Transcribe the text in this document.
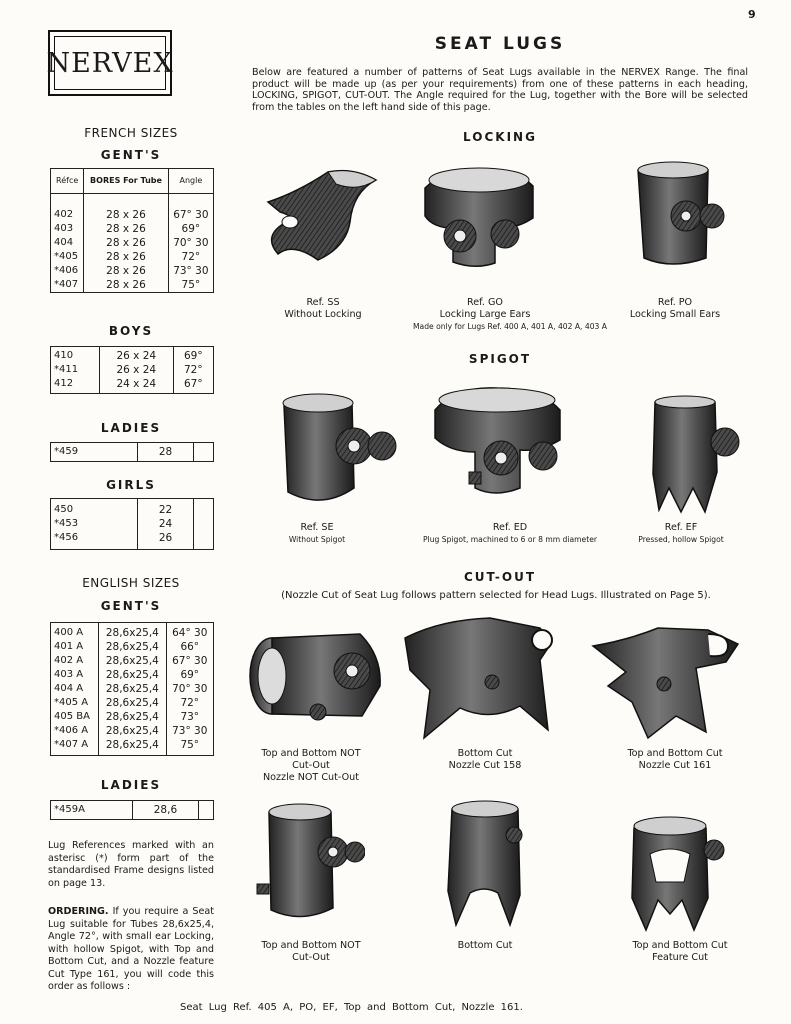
9
NERVEX
SEAT LUGS
Below are featured a number of patterns of Seat Lugs available in the NERVEX Range. The final product will be made up (as per your requirements) from one of these patterns in each heading, LOCKING, SPIGOT, CUT-OUT. The Angle required for the Lug, together with the Bore will be selected from the tables on the left hand side of this page.
FRENCH SIZES
GENT'S
Réfce	BORES For Tube	Angle

402	28 x 26	67° 30
403	28 x 26	69°
404	28 x 26	70° 30
*405	28 x 26	72°
*406	28 x 26	73° 30
*407	28 x 26	75°
BOYS

410	26 x 24	69°
*411	26 x 24	72°
412	24 x 24	67°

LADIES
*459	28	
GIRLS

450	22	
*453	24	
*456	26	

ENGLISH SIZES
GENT'S

400 A	28,6x25,4	64° 30
401 A	28,6x25,4	66°
402 A	28,6x25,4	67° 30
403 A	28,6x25,4	69°
404 A	28,6x25,4	70° 30
*405 A	28,6x25,4	72°
405 BA	28,6x25,4	73°
*406 A	28,6x25,4	73° 30
*407 A	28,6x25,4	75°

LADIES
*459A	28,6	
Lug References marked with an asterisc (*) form part of the standardised Frame designs listed on page 13.
ORDERING. If you require a Seat Lug suitable for Tubes 28,6x25,4, Angle 72°, with small ear Locking, with hollow Spigot, with Top and Bottom Cut, and a Nozzle feature Cut Type 161, you will code this order as follows :
Seat Lug Ref. 405 A, PO, EF, Top and Bottom Cut, Nozzle 161.
LOCKING
Ref. SS
Without Locking
Ref. GO
Locking Large Ears
Ref. PO
Locking Small Ears
Made only for Lugs Ref. 400 A, 401 A, 402 A, 403 A
SPIGOT
Ref. SE
Without Spigot
Ref. ED
Plug Spigot, machined to 6 or 8 mm diameter
Ref. EF
Pressed, hollow Spigot
CUT-OUT
(Nozzle Cut of Seat Lug follows pattern selected for Head Lugs. Illustrated on Page 5).
Top and Bottom NOT
Cut-Out
Nozzle NOT Cut-Out
Bottom Cut
Nozzle Cut 158
Top and Bottom Cut
Nozzle Cut 161
Top and Bottom NOT
Cut-Out
Bottom Cut	Top and Bottom Cut
Feature Cut
